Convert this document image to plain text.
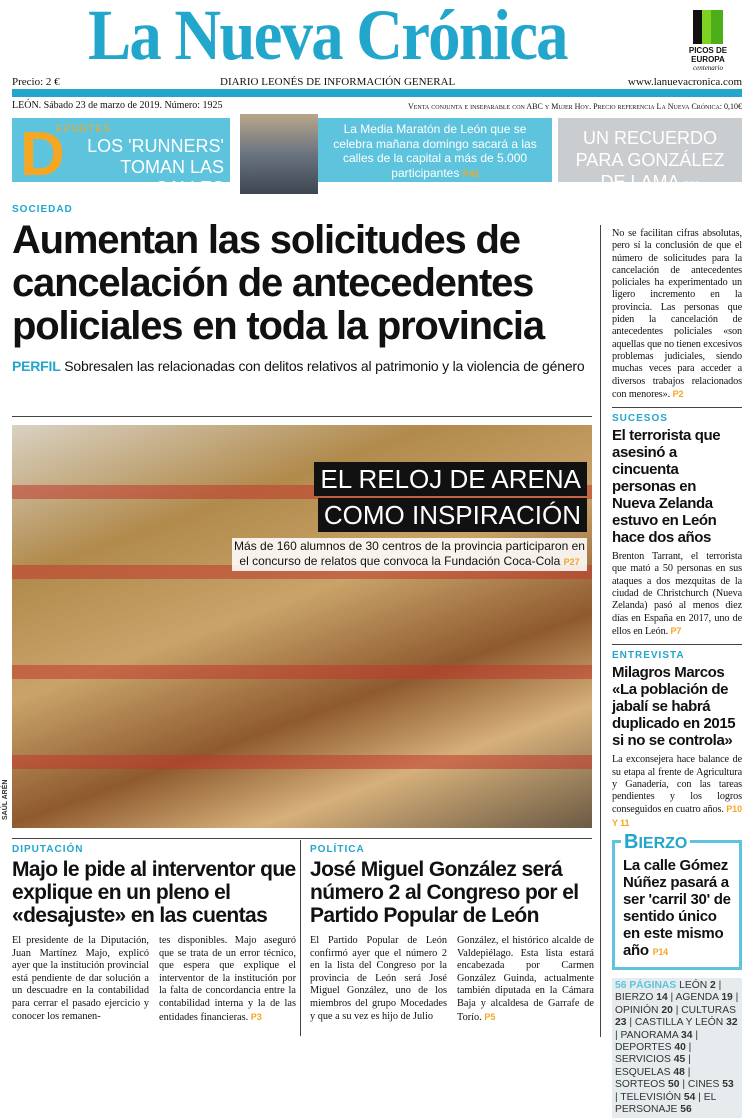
La Nueva Crónica	PICOS DE EUROPA
centenario
Precio: 2 €	DIARIO LEONÉS DE INFORMACIÓN GENERAL	www.lanuevacronica.com
LEÓN. Sábado 23 de marzo de 2019. Número: 1925	Venta conjunta e inseparable con ABC y Mujer Hoy. Precio referencia La Nueva Crónica: 0,10€
D
EPORTES
LOS 'RUNNERS' TOMAN LAS CALLES
La Media Maratón de León que se celebra mañana domingo sacará a las calles de la capital a más de 5.000 participantes P43
UN RECUERDO PARA GONZÁLEZ DE LAMA P23
SOCIEDAD
Aumentan las solicitudes de cancelación de antecedentes policiales en toda la provincia
PERFIL Sobresalen las relacionadas con delitos relativos al patrimonio y la violencia de género
SAÚL ARÉN
EL RELOJ DE ARENA
COMO INSPIRACIÓN
Más de 160 alumnos de 30 centros de la provincia participaron en el concurso de relatos que convoca la Fundación Coca-Cola P27
No se facilitan cifras absolutas, pero sí la conclusión de que el número de solicitudes para la cancelación de antecedentes policiales ha experimentado un ligero incremento en la provincia. Las personas que piden la cancelación de antecedentes policiales «son aquellas que no tienen excesivos problemas judiciales, siendo muchas veces para acceder a diversos trabajos relacionados con menores». P2
SUCESOS
El terrorista que asesinó a cincuenta personas en Nueva Zelanda estuvo en León hace dos años
Brenton Tarrant, el terrorista que mató a 50 personas en sus ataques a dos mezquitas de la ciudad de Christchurch (Nueva Zelanda) pasó al menos diez días en España en 2017, uno de ellos en León. P7
ENTREVISTA
Milagros Marcos «La población de jabalí se habrá duplicado en 2015 si no se controla»
La exconsejera hace balance de su etapa al frente de Agricultura y Ganadería, con las tareas pendientes y los logros conseguidos en cuatro años. P10 Y 11
BIERZO
La calle Gómez Núñez pasará a ser 'carril 30' de sentido único en este mismo año P14
56 PÁGINAS LEÓN 2 | BIERZO 14 | AGENDA 19 | OPINIÓN 20 | CULTURAS 23 | CASTILLA Y LEÓN 32 | PANORAMA 34 | DEPORTES 40 | SERVICIOS 45 | ESQUELAS 48 | SORTEOS 50 | CINES 53 | TELEVISIÓN 54 | EL PERSONAJE 56
DIPUTACIÓN
Majo le pide al interventor que explique en un pleno el «desajuste» en las cuentas
El presidente de la Diputación, Juan Martínez Majo, explicó ayer que la institución provincial está pendiente de dar solución a un descuadre en la contabilidad para cerrar el pasado ejercicio y conocer los remanen-
tes disponibles. Majo aseguró que se trata de un error técnico, que espera que explique el interventor de la institución por la falta de concordancia entre la contabilidad interna y la de las entidades financieras. P3
POLÍTICA
José Miguel González será número 2 al Congreso por el Partido Popular de León
El Partido Popular de León confirmó ayer que el número 2 en la lista del Congreso por la provincia de León será José Miguel González, uno de los miembros del grupo Mocedades y que a su vez es hijo de Julio
González, el histórico alcalde de Valdepiélago. Esta lista estará encabezada por Carmen González Guinda, actualmente también diputada en la Cámara Baja y alcaldesa de Garrafe de Torío. P5
